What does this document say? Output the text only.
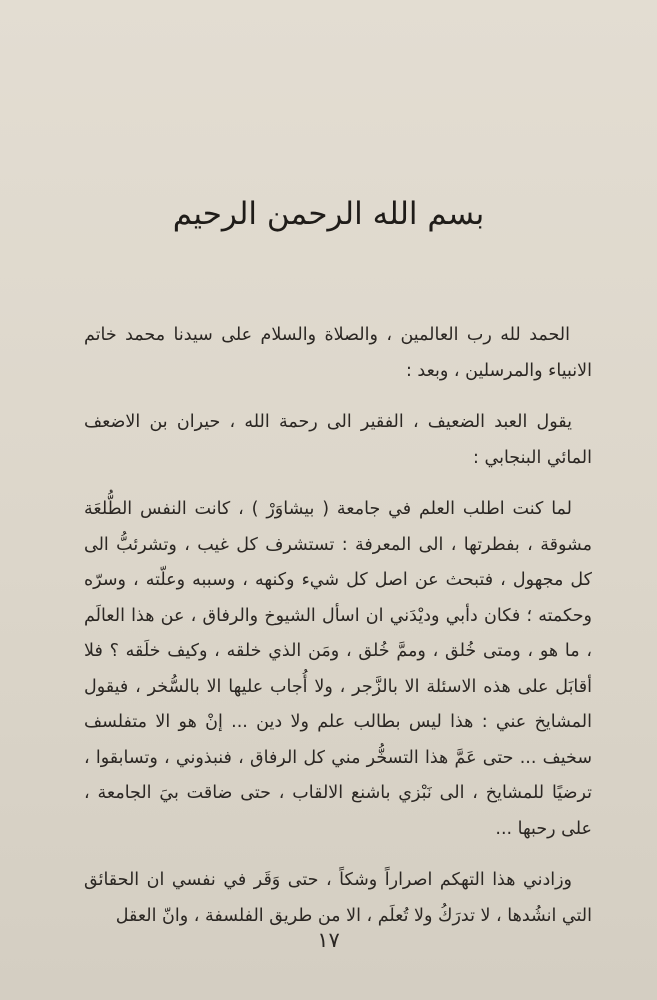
بسم الله الرحمن الرحيم

الحمد لله رب العالمين ، والصلاة والسلام على سيدنا محمد خاتم الانبياء والمرسلين ، وبعد :

يقول العبد الضعيف ، الفقير الى رحمة الله ، حيران بن الاضعف المائي البنجابي :

لما كنت اطلب العلم في جامعة ( بيشاوَرْ ) ، كانت النفس الطُّلعَة مشوقة ، بفطرتها ، الى المعرفة : تستشرف كل غيب ، وتشرئبُّ الى كل مجهول ، فتبحث عن اصل كل شيء وكنهه ، وسببه وعلّته ، وسرّه وحكمته ؛ فكان دأبي وديْدَني ان اسأل الشيوخ والرفاق ، عن هذا العالَم ، ما هو ، ومتى خُلق ، وممَّ خُلق ، ومَن الذي خلقه ، وكيف خلَقه ؟ فلا أقابَل على هذه الاسئلة الا بالزَّجر ، ولا أُجاب عليها الا بالسُّخر ، فيقول المشايخ عني : هذا ليس بطالب علم ولا دين ... إنْ هو الا متفلسف سخيف ... حتى عَمَّ هذا التسخُّر مني كل الرفاق ، فنبذوني ، وتسابقوا ، ترضيًا للمشايخ ، الى نَبْزي باشنع الالقاب ، حتى ضاقت بيَ الجامعة ، على رحبها ...

وزادني هذا التهكم اصراراً وشكاً ، حتى وَقَر في نفسي ان الحقائق التي انشُدها ، لا تدرَكُ ولا تُعلَم ، الا من طريق الفلسفة ، وانّ العقل

١٧
